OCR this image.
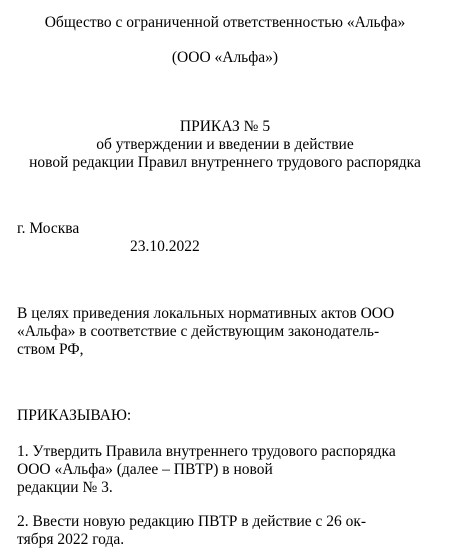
Общество с ограниченной ответственностью «Альфа»
(ООО «Альфа»)
ПРИКАЗ № 5
об утверждении и введении в действие
новой редакции Правил внутреннего трудового распорядка
г. Москва
23.10.2022
В целях приведения локальных нормативных актов ООО
«Альфа» в соответствие с действующим законодатель-
ством РФ,
ПРИКАЗЫВАЮ:
1. Утвердить Правила внутреннего трудового распорядка
ООО «Альфа» (далее – ПВТР) в новой
редакции № 3.
2. Ввести новую редакцию ПВТР в действие с 26 ок-
тября 2022 года.
